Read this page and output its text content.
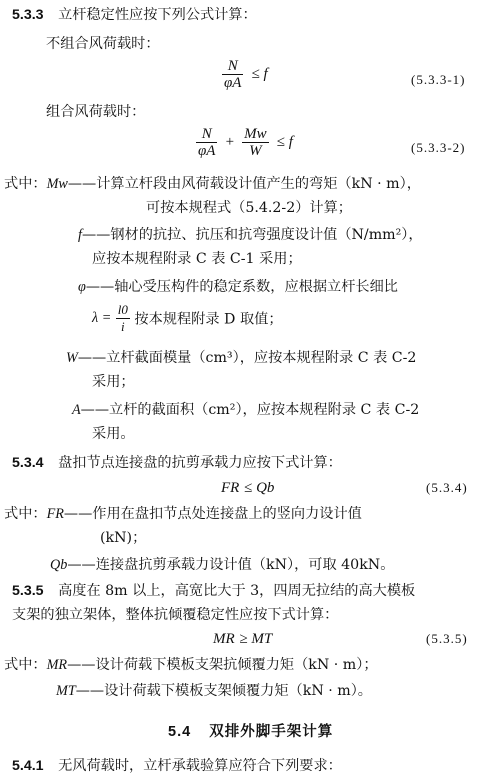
5.3.3 立杆稳定性应按下列公式计算：
不组合风荷载时：
$\frac{N}{\varphi A} \le f$	(5.3.3-1)
组合风荷载时：
$\frac{N}{\varphi A} + \frac{Mw}{W} \le f$	(5.3.3-2)
式中：Mw——计算立杆段由风荷载设计值产生的弯矩（kN · m），
可按本规程式（5.4.2-2）计算；
f——钢材的抗拉、抗压和抗弯强度设计值（N/mm²），
应按本规程附录 C 表 C-1 采用；
φ——轴心受压构件的稳定系数，应根据立杆长细比
$\lambda = \frac{l0}{i}$ 按本规程附录 D 取值；
W——立杆截面模量（cm³），应按本规程附录 C 表 C-2
采用；
A——立杆的截面积（cm²），应按本规程附录 C 表 C-2
采用。
5.3.4 盘扣节点连接盘的抗剪承载力应按下式计算：
FR ≤ Qb	(5.3.4)
式中：FR——作用在盘扣节点处连接盘上的竖向力设计值
(kN)；
Qb——连接盘抗剪承载力设计值（kN），可取 40kN。
5.3.5 高度在 8m 以上，高宽比大于 3，四周无拉结的高大模板
支架的独立架体，整体抗倾覆稳定性应按下式计算：
MR ≥ MT	(5.3.5)
式中：MR——设计荷载下模板支架抗倾覆力矩（kN · m）；
MT——设计荷载下模板支架倾覆力矩（kN · m）。
5.4 双排外脚手架计算
5.4.1 无风荷载时，立杆承载验算应符合下列要求：
